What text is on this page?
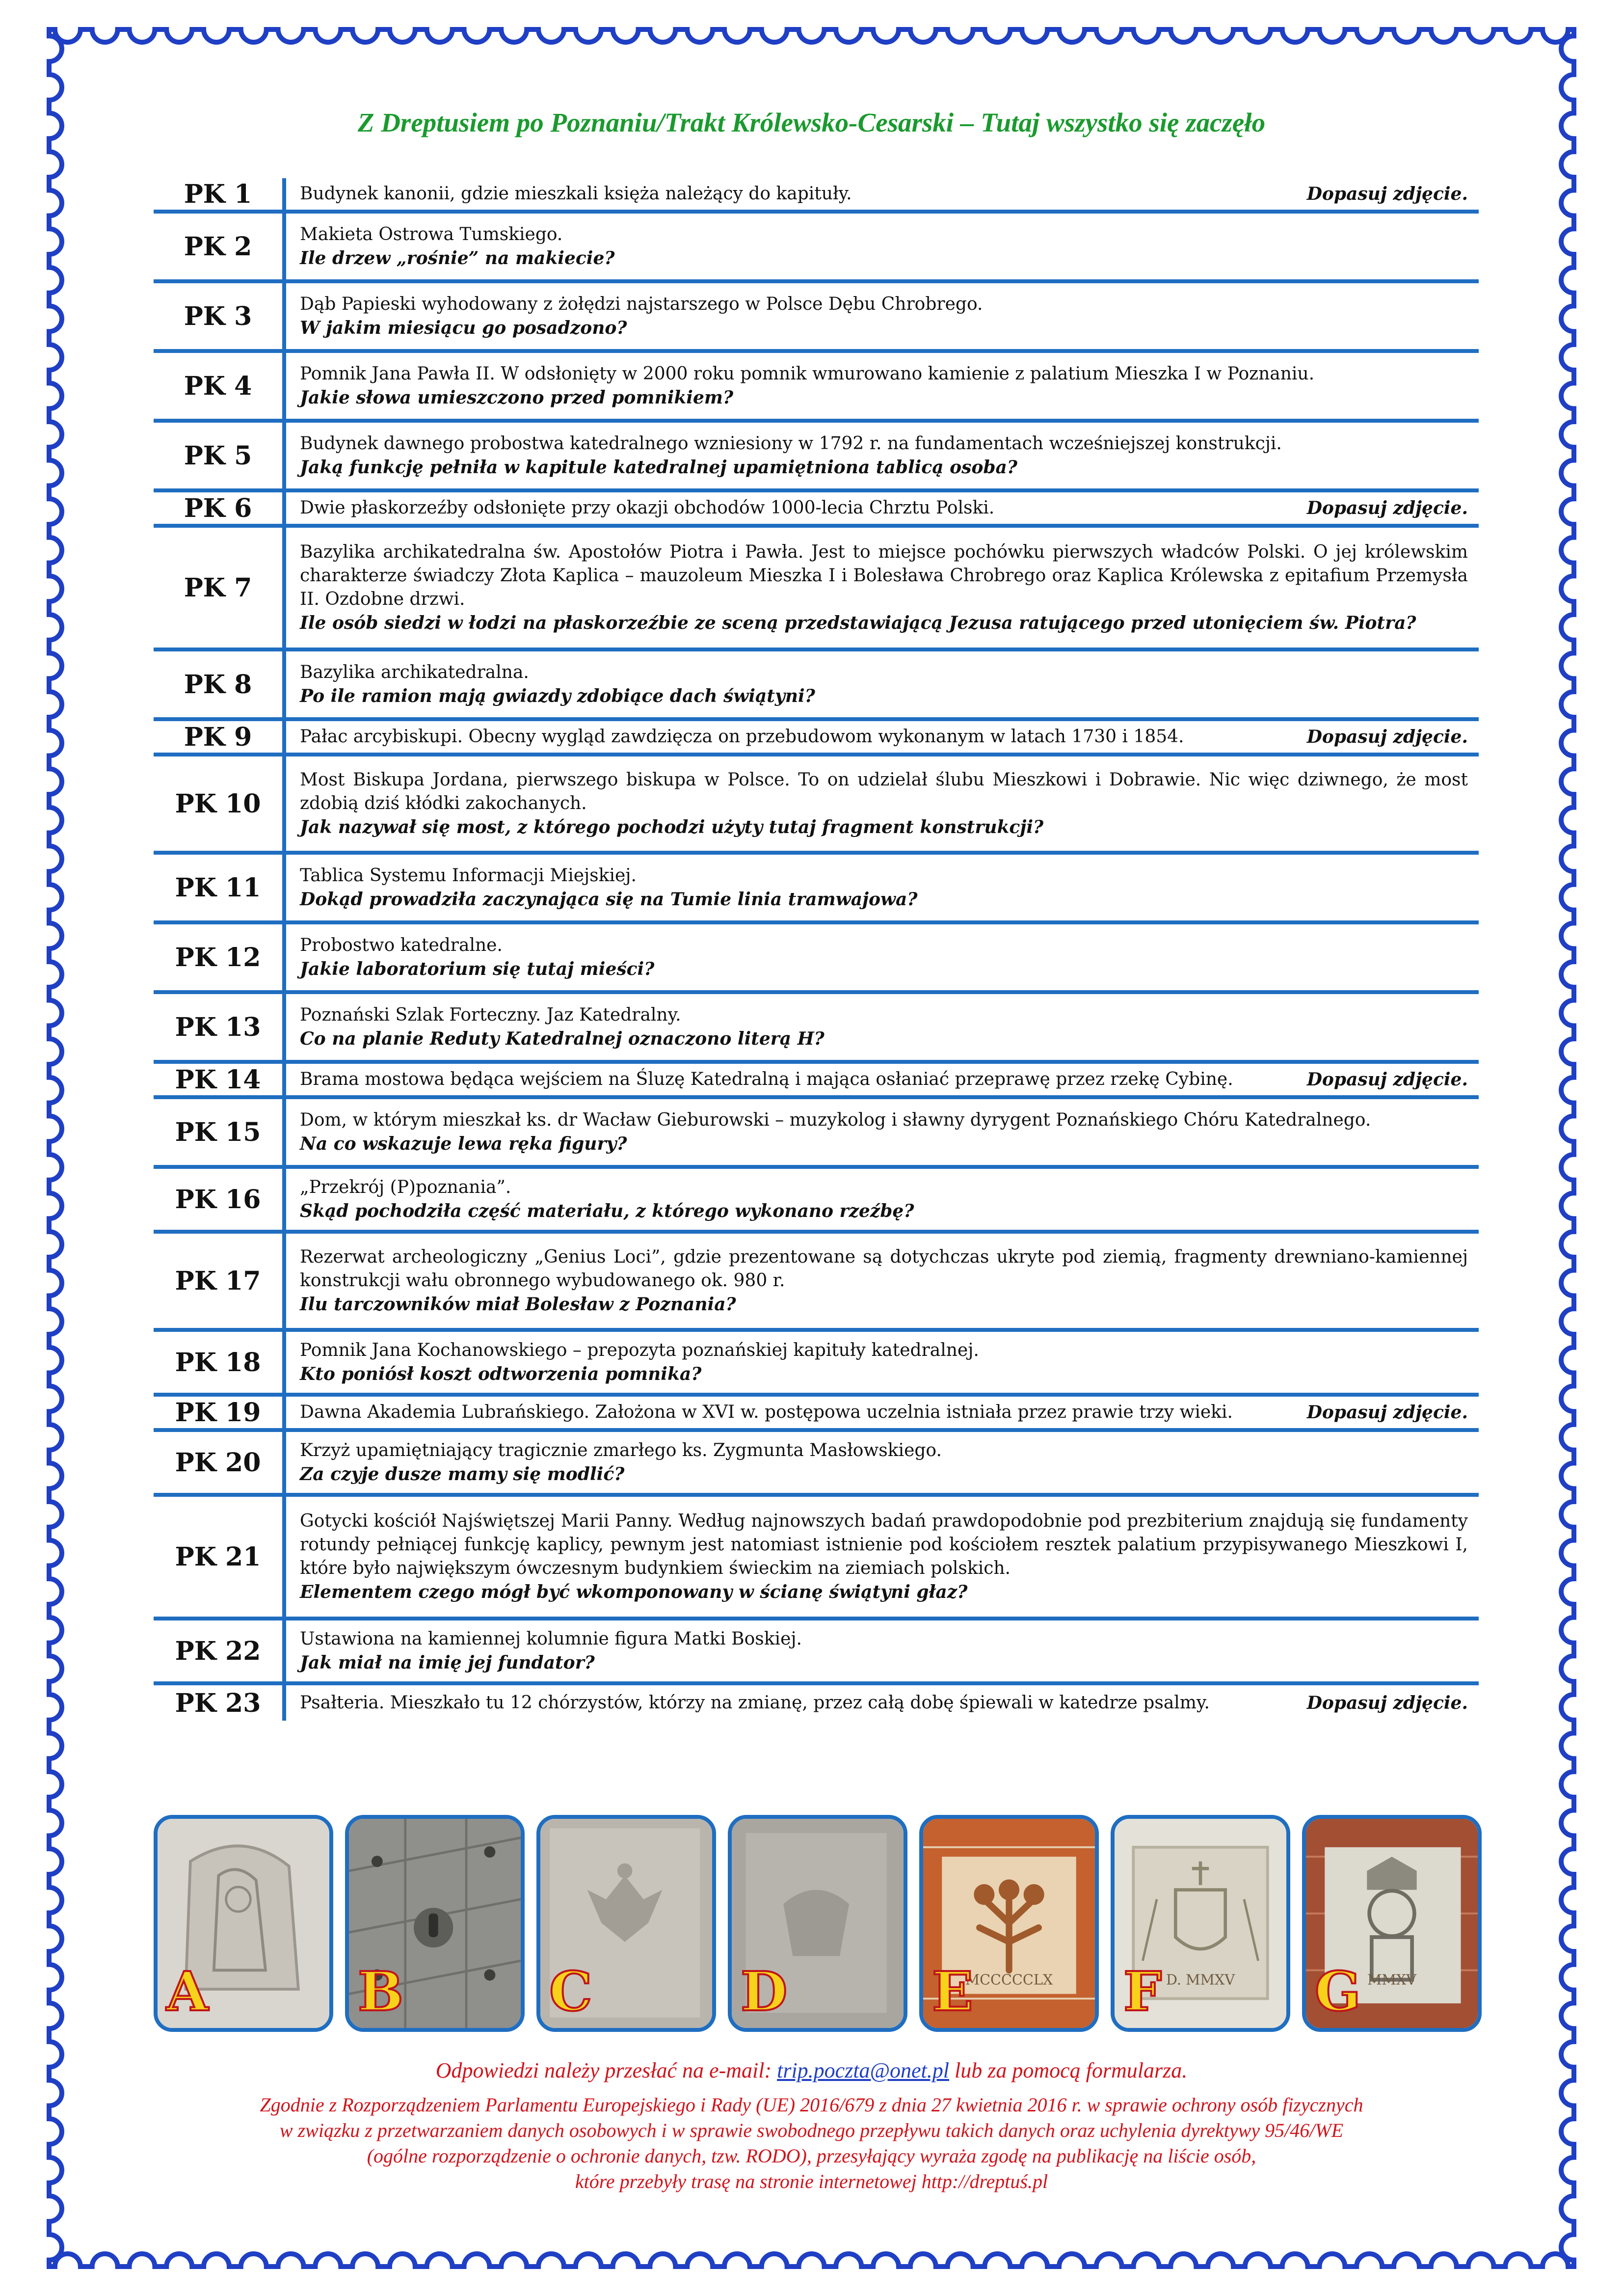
Z Dreptusiem po Poznaniu/Trakt Królewsko-Cesarski – Tutaj wszystko się zaczęło
PK 1	Budynek kanonii, gdzie mieszkali księża należący do kapituły.	Dopasuj zdjęcie.
PK 2	Makieta Ostrowa Tumskiego.
Ile drzew „rośnie” na makiecie?
PK 3	Dąb Papieski wyhodowany z żołędzi najstarszego w Polsce Dębu Chrobrego.
W jakim miesiącu go posadzono?
PK 4	Pomnik Jana Pawła II. W odsłonięty w 2000 roku pomnik wmurowano kamienie z palatium Mieszka I w Poznaniu.
Jakie słowa umieszczono przed pomnikiem?
PK 5	Budynek dawnego probostwa katedralnego wzniesiony w 1792 r. na fundamentach wcześniejszej konstrukcji.
Jaką funkcję pełniła w kapitule katedralnej upamiętniona tablicą osoba?
PK 6	Dwie płaskorzeźby odsłonięte przy okazji obchodów 1000-lecia Chrztu Polski.	Dopasuj zdjęcie.
PK 7
Bazylika archikatedralna św. Apostołów Piotra i Pawła. Jest to miejsce pochówku pierwszych władców Polski. O jej królewskim charakterze świadczy Złota Kaplica – mauzoleum Mieszka I i Bolesława Chrobrego oraz Kaplica Królewska z epitafium Przemysła II. Ozdobne drzwi.
Ile osób siedzi w łodzi na płaskorzeźbie ze sceną przedstawiającą Jezusa ratującego przed utonięciem św. Piotra?
PK 8	Bazylika archikatedralna.
Po ile ramion mają gwiazdy zdobiące dach świątyni?
PK 9	Pałac arcybiskupi. Obecny wygląd zawdzięcza on przebudowom wykonanym w latach 1730 i 1854.	Dopasuj zdjęcie.
PK 10
Most Biskupa Jordana, pierwszego biskupa w Polsce. To on udzielał ślubu Mieszkowi i Dobrawie. Nic więc dziwnego, że most zdobią dziś kłódki zakochanych.
Jak nazywał się most, z którego pochodzi użyty tutaj fragment konstrukcji?
PK 11	Tablica Systemu Informacji Miejskiej.
Dokąd prowadziła zaczynająca się na Tumie linia tramwajowa?
PK 12	Probostwo katedralne.
Jakie laboratorium się tutaj mieści?
PK 13	Poznański Szlak Forteczny. Jaz Katedralny.
Co na planie Reduty Katedralnej oznaczono literą H?
PK 14	Brama mostowa będąca wejściem na Śluzę Katedralną i mająca osłaniać przeprawę przez rzekę Cybinę.	Dopasuj zdjęcie.
PK 15	Dom, w którym mieszkał ks. dr Wacław Gieburowski – muzykolog i sławny dyrygent Poznańskiego Chóru Katedralnego.
Na co wskazuje lewa ręka figury?
PK 16	„Przekrój (P)poznania”.
Skąd pochodziła część materiału, z którego wykonano rzeźbę?
PK 17
Rezerwat archeologiczny „Genius Loci”, gdzie prezentowane są dotychczas ukryte pod ziemią, fragmenty drewniano-kamiennej konstrukcji wału obronnego wybudowanego ok. 980 r.
Ilu tarczowników miał Bolesław z Poznania?
PK 18	Pomnik Jana Kochanowskiego – prepozyta poznańskiej kapituły katedralnej.
Kto poniósł koszt odtworzenia pomnika?
PK 19	Dawna Akademia Lubrańskiego. Założona w XVI w. postępowa uczelnia istniała przez prawie trzy wieki.	Dopasuj zdjęcie.
PK 20	Krzyż upamiętniający tragicznie zmarłego ks. Zygmunta Masłowskiego.
Za czyje dusze mamy się modlić?
PK 21
Gotycki kościół Najświętszej Marii Panny. Według najnowszych badań prawdopodobnie pod prezbiterium znajdują się fundamenty rotundy pełniącej funkcję kaplicy, pewnym jest natomiast istnienie pod kościołem resztek palatium przypisywanego Mieszkowi I, które było największym ówczesnym budynkiem świeckim na ziemiach polskich.
Elementem czego mógł być wkomponowany w ścianę świątyni głaz?
PK 22	Ustawiona na kamiennej kolumnie figura Matki Boskiej.
Jak miał na imię jej fundator?
PK 23	Psałteria. Mieszkało tu 12 chórzystów, którzy na zmianę, przez całą dobę śpiewali w katedrze psalmy.	Dopasuj zdjęcie.
A	B	C	D	MCCCCCLX
E	D. MMXV
F	MMXV
G
Odpowiedzi należy przesłać na e-mail: trip.poczta@onet.pl lub za pomocą formularza.
Zgodnie z Rozporządzeniem Parlamentu Europejskiego i Rady (UE) 2016/679 z dnia 27 kwietnia 2016 r. w sprawie ochrony osób fizycznych
w związku z przetwarzaniem danych osobowych i w sprawie swobodnego przepływu takich danych oraz uchylenia dyrektywy 95/46/WE
(ogólne rozporządzenie o ochronie danych, tzw. RODO), przesyłający wyraża zgodę na publikację na liście osób,
które przebyły trasę na stronie internetowej http://dreptuś.pl
